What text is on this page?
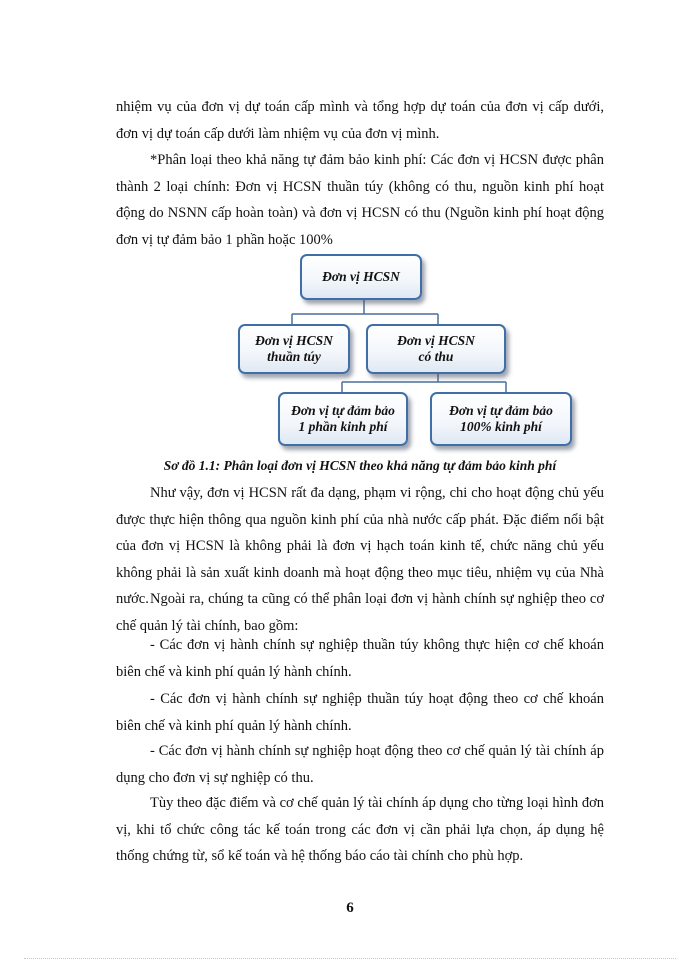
nhiệm vụ của đơn vị dự toán cấp mình và tổng hợp dự toán của đơn vị cấp dưới, đơn vị dự toán cấp dưới làm nhiệm vụ của đơn vị mình.

*Phân loại theo khả năng tự đảm bảo kinh phí: Các đơn vị HCSN được phân thành 2 loại chính: Đơn vị HCSN thuần túy (không có thu, nguồn kinh phí hoạt động do NSNN cấp hoàn toàn) và đơn vị HCSN có thu (Nguồn kinh phí hoạt động đơn vị tự đảm bảo 1 phần hoặc 100%

Đơn vị HCSN
Đơn vị HCSN
thuần túy
Đơn vị HCSN
có thu
Đơn vị tự đảm bảo
1 phần kinh phí
Đơn vị tự đảm bảo
100% kinh phí

Sơ đồ 1.1: Phân loại đơn vị HCSN theo khả năng tự đảm bảo kinh phí

Như vậy, đơn vị HCSN rất đa dạng, phạm vi rộng, chi cho hoạt động chủ yếu được thực hiện thông qua nguồn kinh phí của nhà nước cấp phát. Đặc điểm nổi bật của đơn vị HCSN là không phải là đơn vị hạch toán kinh tế, chức năng chủ yếu không phải là sản xuất kinh doanh mà hoạt động theo mục tiêu, nhiệm vụ của Nhà nước. Ngoài ra, chúng ta cũng có thể phân loại đơn vị hành chính sự nghiệp theo cơ chế quản lý tài chính, bao gồm:

- Các đơn vị hành chính sự nghiệp thuần túy không thực hiện cơ chế khoán biên chế và kinh phí quản lý hành chính.

- Các đơn vị hành chính sự nghiệp thuần túy hoạt động theo cơ chế khoán biên chế và kinh phí quản lý hành chính.

- Các đơn vị hành chính sự nghiệp hoạt động theo cơ chế quản lý tài chính áp dụng cho đơn vị sự nghiệp có thu.

Tùy theo đặc điểm và cơ chế quản lý tài chính áp dụng cho từng loại hình đơn vị, khi tổ chức công tác kế toán trong các đơn vị cần phải lựa chọn, áp dụng hệ thống chứng từ, sổ kế toán và hệ thống báo cáo tài chính cho phù hợp.

6
